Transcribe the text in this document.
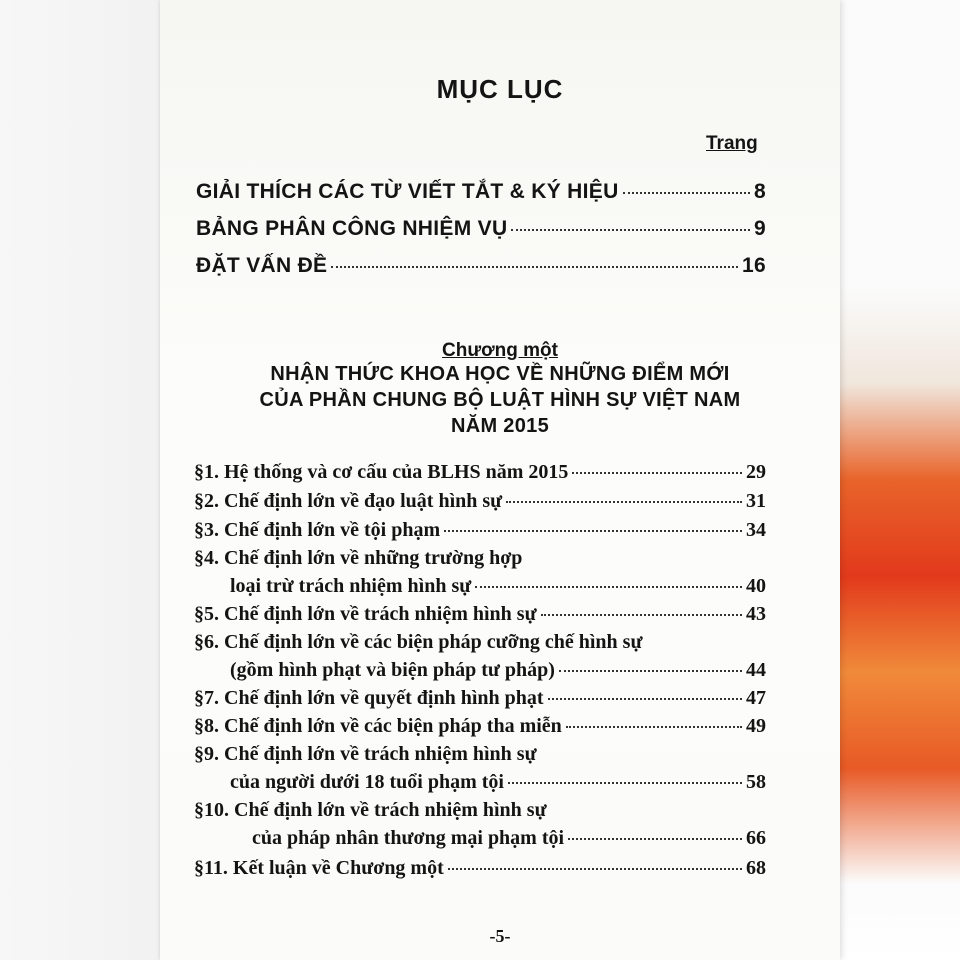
MỤC LỤC
Trang
GIẢI THÍCH CÁC TỪ VIẾT TẮT & KÝ HIỆU	8
BẢNG PHÂN CÔNG NHIỆM VỤ	9
ĐẶT VẤN ĐỀ	16
Chương một
NHẬN THỨC KHOA HỌC VỀ NHỮNG ĐIỂM MỚI
CỦA PHẦN CHUNG BỘ LUẬT HÌNH SỰ VIỆT NAM
NĂM 2015
§1. Hệ thống và cơ cấu của BLHS năm 2015	29
§2. Chế định lớn về đạo luật hình sự	31
§3. Chế định lớn về tội phạm	34
§4. Chế định lớn về những trường hợp
loại trừ trách nhiệm hình sự	40
§5. Chế định lớn về trách nhiệm hình sự	43
§6. Chế định lớn về các biện pháp cưỡng chế hình sự
(gồm hình phạt và biện pháp tư pháp)	44
§7. Chế định lớn về quyết định hình phạt	47
§8. Chế định lớn về các biện pháp tha miễn	49
§9. Chế định lớn về trách nhiệm hình sự
của người dưới 18 tuổi phạm tội	58
§10. Chế định lớn về trách nhiệm hình sự
của pháp nhân thương mại phạm tội	66
§11. Kết luận về Chương một	68
-5-
